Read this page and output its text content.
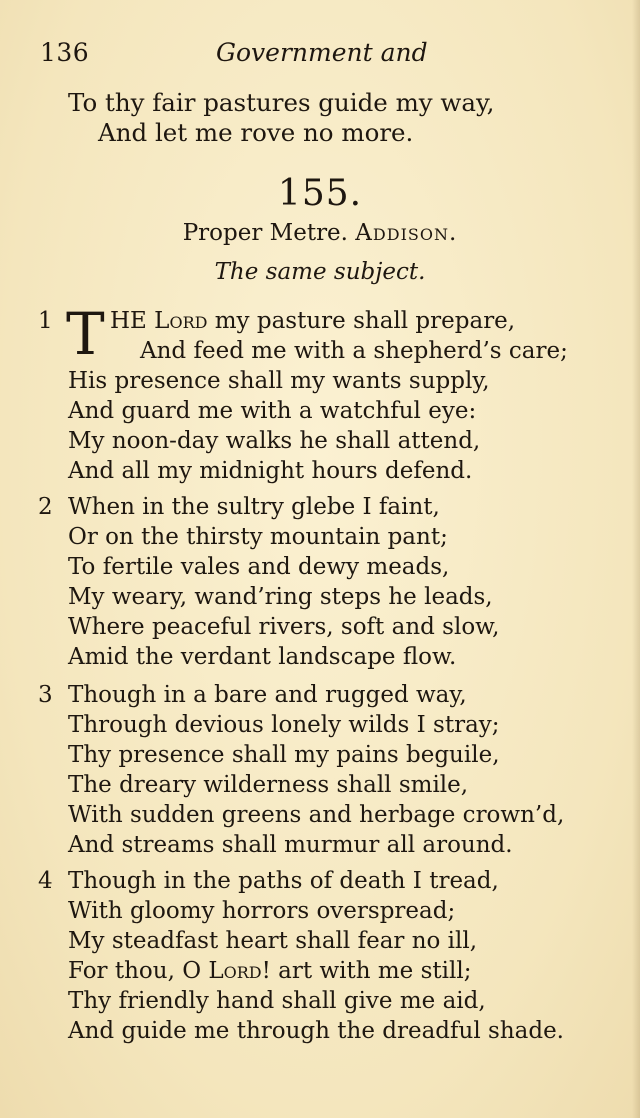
136	Government and
To thy fair pastures guide my way,
And let me rove no more.
155.
Proper Metre. Addison.
The same subject.
1 T HE Lord my pasture shall prepare,
And feed me with a shepherd’s care;
His presence shall my wants supply,
And guard me with a watchful eye:
My noon-day walks he shall attend,
And all my midnight hours defend.
2 When in the sultry glebe I faint,
Or on the thirsty mountain pant;
To fertile vales and dewy meads,
My weary, wand’ring steps he leads,
Where peaceful rivers, soft and slow,
Amid the verdant landscape flow.
3 Though in a bare and rugged way,
Through devious lonely wilds I stray;
Thy presence shall my pains beguile,
The dreary wilderness shall smile,
With sudden greens and herbage crown’d,
And streams shall murmur all around.
4 Though in the paths of death I tread,
With gloomy horrors overspread;
My steadfast heart shall fear no ill,
For thou, O Lord! art with me still;
Thy friendly hand shall give me aid,
And guide me through the dreadful shade.
